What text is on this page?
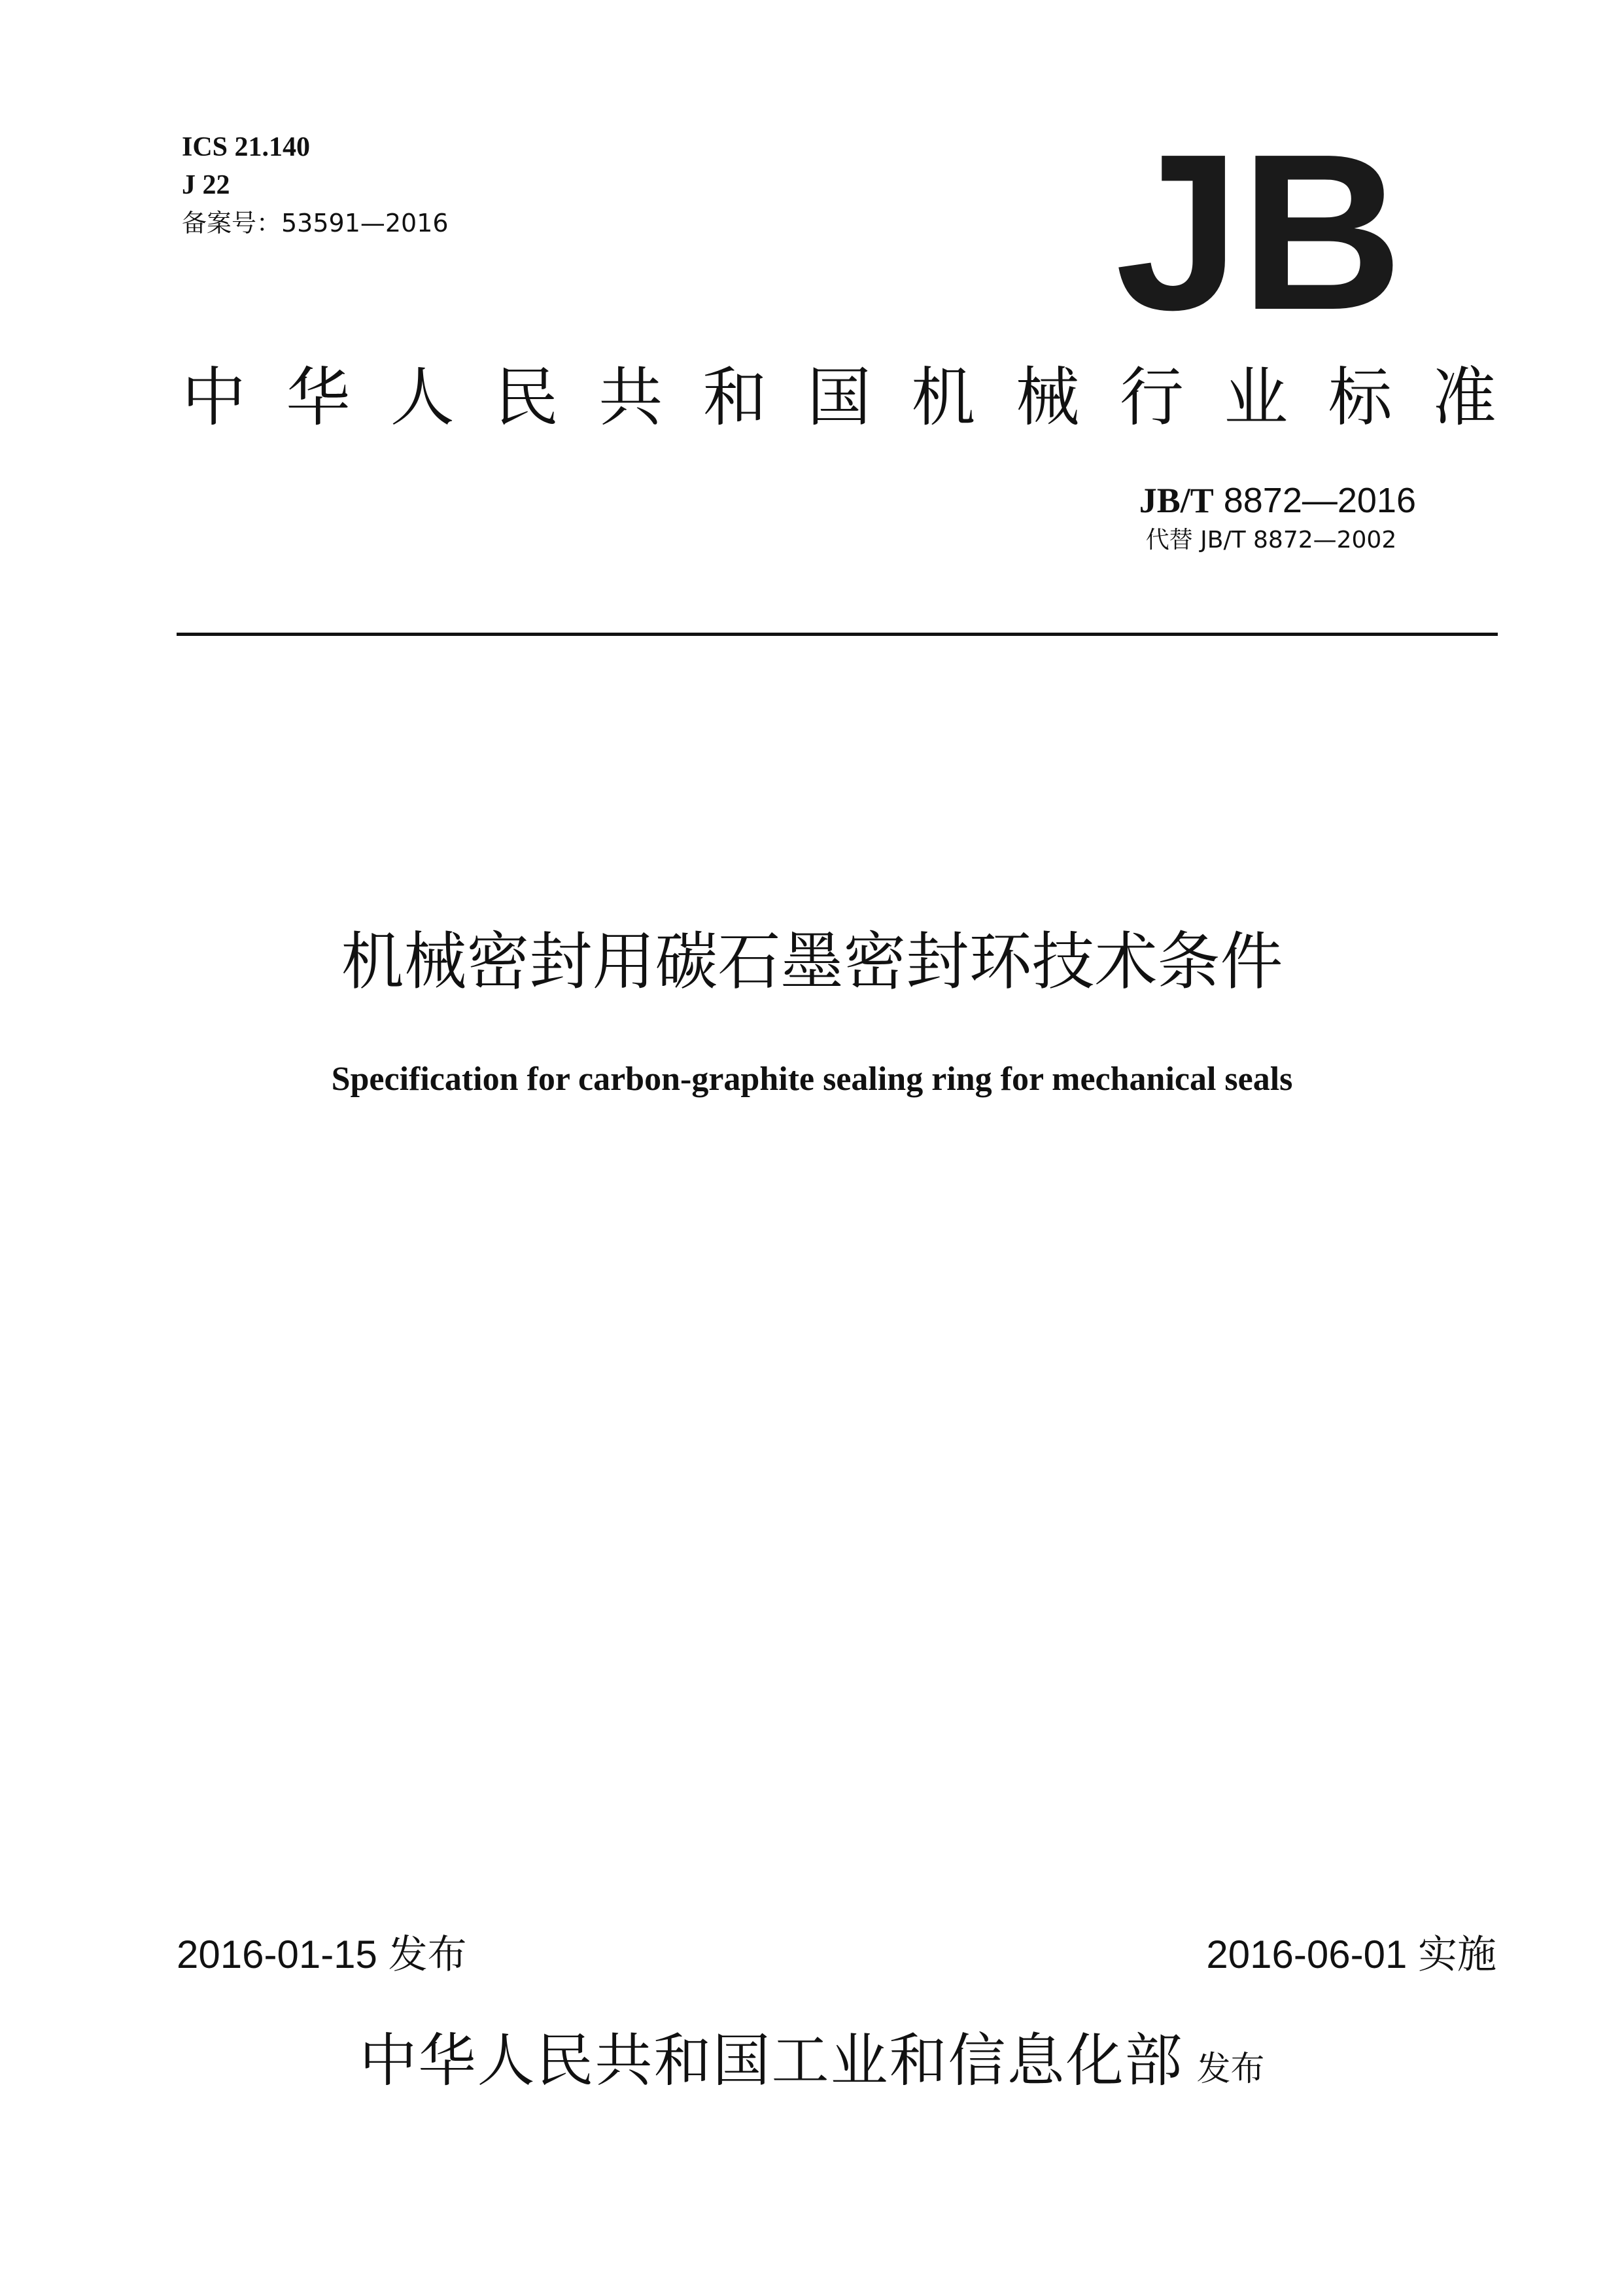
ICS 21.140
J 22
备案号：53591—2016	JB
中 华 人 民 共 和 国 机 械 行 业 标 准
JB/T 8872—2016
代替 JB/T 8872—2002
机械密封用碳石墨密封环技术条件
Specification for carbon-graphite sealing ring for mechanical seals
2016-01-15 发布	2016-06-01 实施
中华人民共和国工业和信息化部 发布
